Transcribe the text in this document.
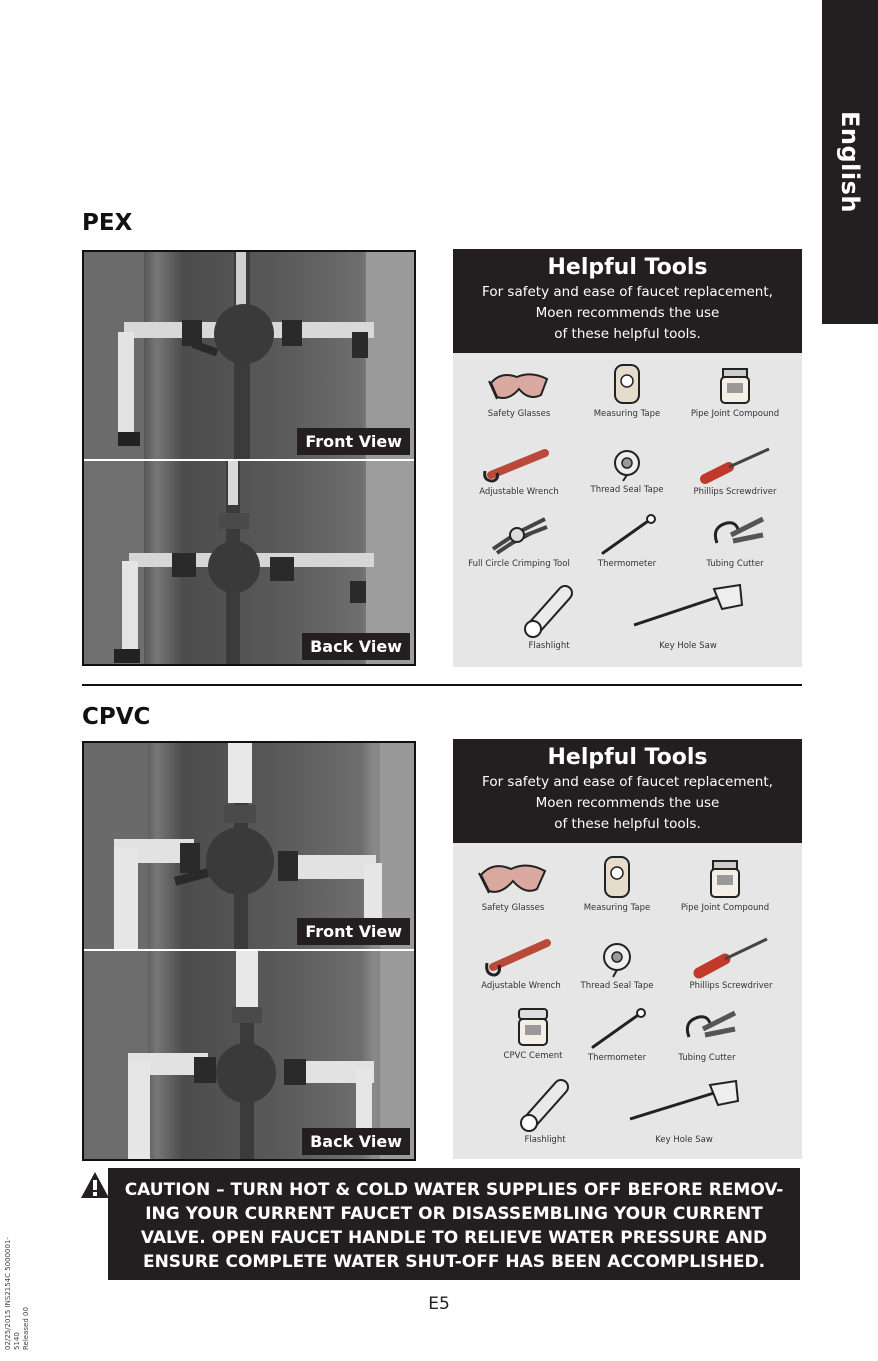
English
PEX
Front View
Back View
Helpful Tools
For safety and ease of faucet replacement,
Moen recommends the use
of these helpful tools.
Safety Glasses	Measuring Tape	Pipe Joint Compound
Adjustable Wrench	Thread Seal Tape	Phillips Screwdriver
Full Circle Crimping Tool	Thermometer	Tubing Cutter
Flashlight	Key Hole Saw
CPVC
Front View
Back View
Helpful Tools
For safety and ease of faucet replacement,
Moen recommends the use
of these helpful tools.
Safety Glasses	Measuring Tape	Pipe Joint Compound
Adjustable Wrench	Thread Seal Tape	Phillips Screwdriver
CPVC Cement	Thermometer	Tubing Cutter
Flashlight	Key Hole Saw
CAUTION – TURN HOT & COLD WATER SUPPLIES OFF BEFORE REMOV-
ING YOUR CURRENT FAUCET OR DISASSEMBLING YOUR CURRENT
VALVE. OPEN FAUCET HANDLE TO RELIEVE WATER PRESSURE AND
ENSURE COMPLETE WATER SHUT-OFF HAS BEEN ACCOMPLISHED.
E5
02/25/2015 INS2154C 5000001-5140 Released 00
